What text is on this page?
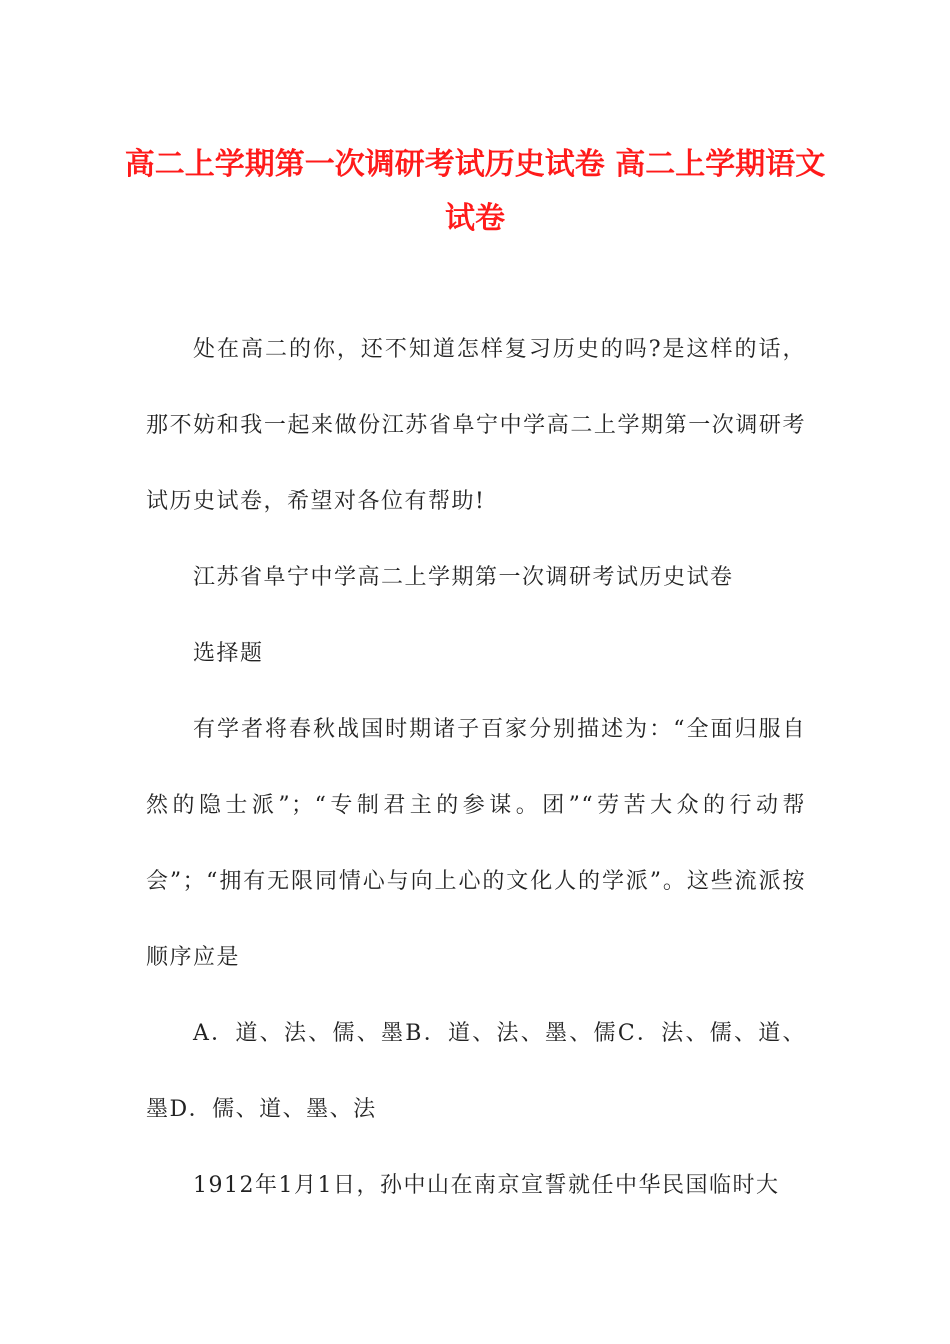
高二上学期第一次调研考试历史试卷 高二上学期语文试卷

处在高二的你，还不知道怎样复习历史的吗?是这样的话，那不妨和我一起来做份江苏省阜宁中学高二上学期第一次调研考试历史试卷，希望对各位有帮助!

江苏省阜宁中学高二上学期第一次调研考试历史试卷

选择题

有学者将春秋战国时期诸子百家分别描述为：“全面归服自然的隐士派”；“专制君主的参谋。团”“劳苦大众的行动帮会”；“拥有无限同情心与向上心的文化人的学派”。这些流派按顺序应是

A．道、法、儒、墨B．道、法、墨、儒C．法、儒、道、墨D．儒、道、墨、法

1912年1月1日，孙中山在南京宣誓就任中华民国临时大
